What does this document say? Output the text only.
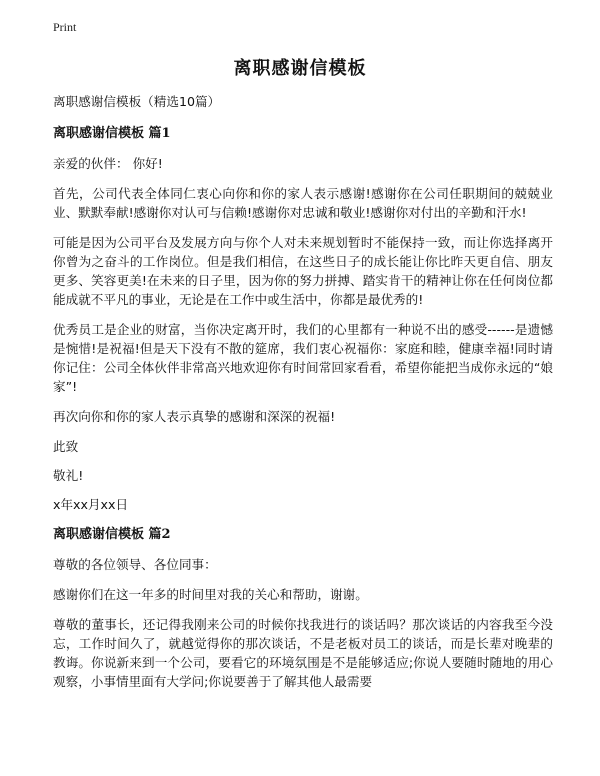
Print
离职感谢信模板

离职感谢信模板（精选10篇）

离职感谢信模板 篇1

亲爱的伙伴： 你好!

首先，公司代表全体同仁衷心向你和你的家人表示感谢!感谢你在公司任职期间的兢兢业业、默默奉献!感谢你对认可与信赖!感谢你对忠诚和敬业!感谢你对付出的辛勤和汗水!

可能是因为公司平台及发展方向与你个人对未来规划暂时不能保持一致，而让你选择离开你曾为之奋斗的工作岗位。但是我们相信，在这些日子的成长能让你比昨天更自信、朋友更多、笑容更美!在未来的日子里，因为你的努力拼搏、踏实肯干的精神让你在任何岗位都能成就不平凡的事业，无论是在工作中或生活中，你都是最优秀的!

优秀员工是企业的财富，当你决定离开时，我们的心里都有一种说不出的感受------是遗憾是惋惜!是祝福!但是天下没有不散的筵席，我们衷心祝福你：家庭和睦，健康幸福!同时请你记住：公司全体伙伴非常高兴地欢迎你有时间常回家看看，希望你能把当成你永远的“娘家”!

再次向你和你的家人表示真挚的感谢和深深的祝福!

此致

敬礼!

x年xx月xx日

离职感谢信模板 篇2

尊敬的各位领导、各位同事：

感谢你们在这一年多的时间里对我的关心和帮助，谢谢。

尊敬的董事长，还记得我刚来公司的时候你找我进行的谈话吗？那次谈话的内容我至今没忘，工作时间久了，就越觉得你的那次谈话，不是老板对员工的谈话，而是长辈对晚辈的教诲。你说新来到一个公司，要看它的环境氛围是不是能够适应;你说人要随时随地的用心观察，小事情里面有大学问;你说要善于了解其他人最需要
